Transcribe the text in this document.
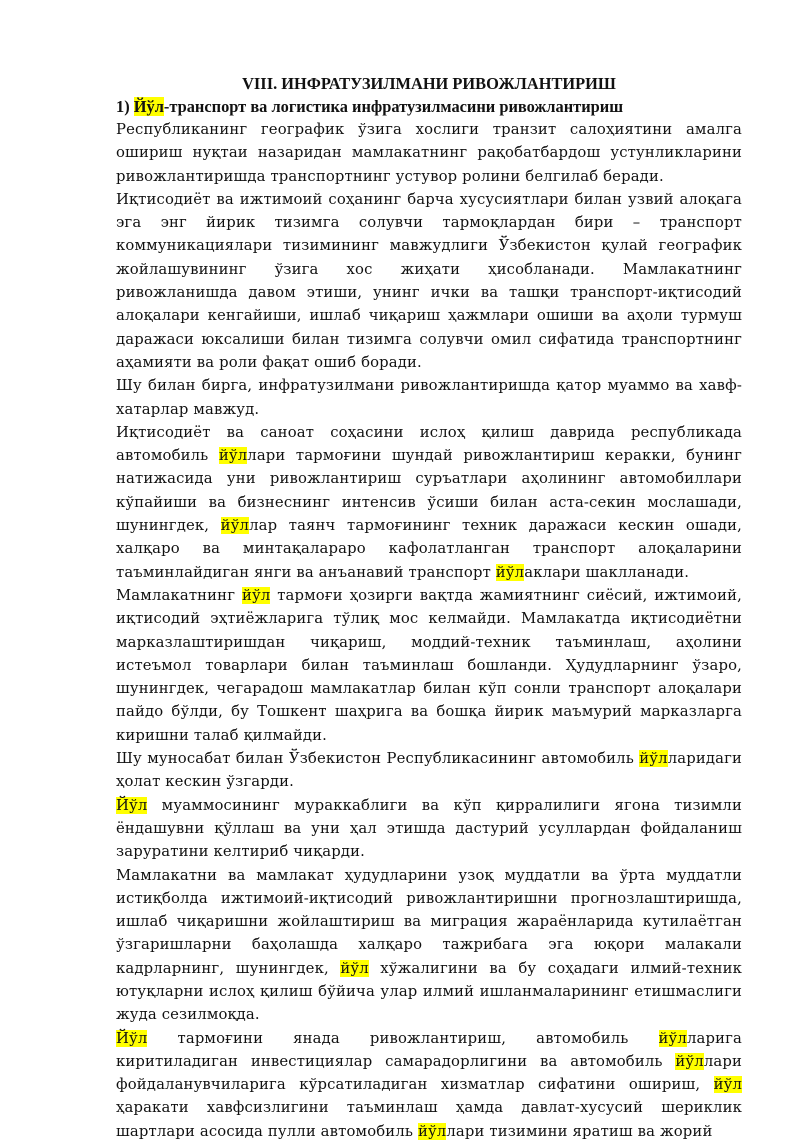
VIII. ИНФРАТУЗИЛМАНИ РИВОЖЛАНТИРИШ
1) Йўл-транспорт ва логистика инфратузилмасини ривожлантириш

Республиканинг географик ўзига хослиги транзит салоҳиятини амалга ошириш нуқтаи назаридан мамлакатнинг рақобатбардош устунликларини ривожлантиришда транспортнинг устувор ролини белгилаб беради.

Иқтисодиёт ва ижтимоий соҳанинг барча хусусиятлари билан узвий алоқага эга энг йирик тизимга солувчи тармоқлардан бири – транспорт коммуникациялари тизимининг мавжудлиги Ўзбекистон қулай географик жойлашувининг ўзига хос жиҳати ҳисобланади. Мамлакатнинг ривожланишда давом этиши, унинг ички ва ташқи транспорт-иқтисодий алоқалари кенгайиши, ишлаб чиқариш ҳажмлари ошиши ва аҳоли турмуш даражаси юксалиши билан тизимга солувчи омил сифатида транспортнинг аҳамияти ва роли фақат ошиб боради.

Шу билан бирга, инфратузилмани ривожлантиришда қатор муаммо ва хавф-хатарлар мавжуд.

Иқтисодиёт ва саноат соҳасини ислоҳ қилиш даврида республикада автомобиль йўллари тармоғини шундай ривожлантириш керакки, бунинг натижасида уни ривожлантириш суръатлари аҳолининг автомобиллари кўпайиши ва бизнеснинг интенсив ўсиши билан аста-секин мослашади, шунингдек, йўллар таянч тармоғининг техник даражаси кескин ошади, халқаро ва минтақалараро кафолатланган транспорт алоқаларини таъминлайдиган янги ва анъанавий транспорт йўлаклари шаклланади.

Мамлакатнинг йўл тармоғи ҳозирги вақтда жамиятнинг сиёсий, ижтимоий, иқтисодий эҳтиёжларига тўлиқ мос келмайди. Мамлакатда иқтисодиётни марказлаштиришдан чиқариш, моддий-техник таъминлаш, аҳолини истеъмол товарлари билан таъминлаш бошланди. Ҳудудларнинг ўзаро, шунингдек, чегарадош мамлакатлар билан кўп сонли транспорт алоқалари пайдо бўлди, бу Тошкент шаҳрига ва бошқа йирик маъмурий марказларга киришни талаб қилмайди.

Шу муносабат билан Ўзбекистон Республикасининг автомобиль йўлларидаги ҳолат кескин ўзгарди.

Йўл муаммосининг мураккаблиги ва кўп қирралилиги ягона тизимли ёндашувни қўллаш ва уни ҳал этишда дастурий усуллардан фойдаланиш заруратини келтириб чиқарди.

Мамлакатни ва мамлакат ҳудудларини узоқ муддатли ва ўрта муддатли истиқболда ижтимоий-иқтисодий ривожлантиришни прогнозлаштиришда, ишлаб чиқаришни жойлаштириш ва миграция жараёнларида кутилаётган ўзгаришларни баҳолашда халқаро тажрибага эга юқори малакали кадрларнинг, шунингдек, йўл хўжалигини ва бу соҳадаги илмий-техник ютуқларни ислоҳ қилиш бўйича улар илмий ишланмаларининг етишмаслиги жуда сезилмоқда.

Йўл тармоғини янада ривожлантириш, автомобиль йўлларига киритиладиган инвестициялар самарадорлигини ва автомобиль йўллари фойдаланувчиларига кўрсатиладиган хизматлар сифатини ошириш, йўл ҳаракати хавфсизлигини таъминлаш ҳамда давлат-хусусий шериклик шартлари асосида пулли автомобиль йўллари тизимини яратиш ва жорий
